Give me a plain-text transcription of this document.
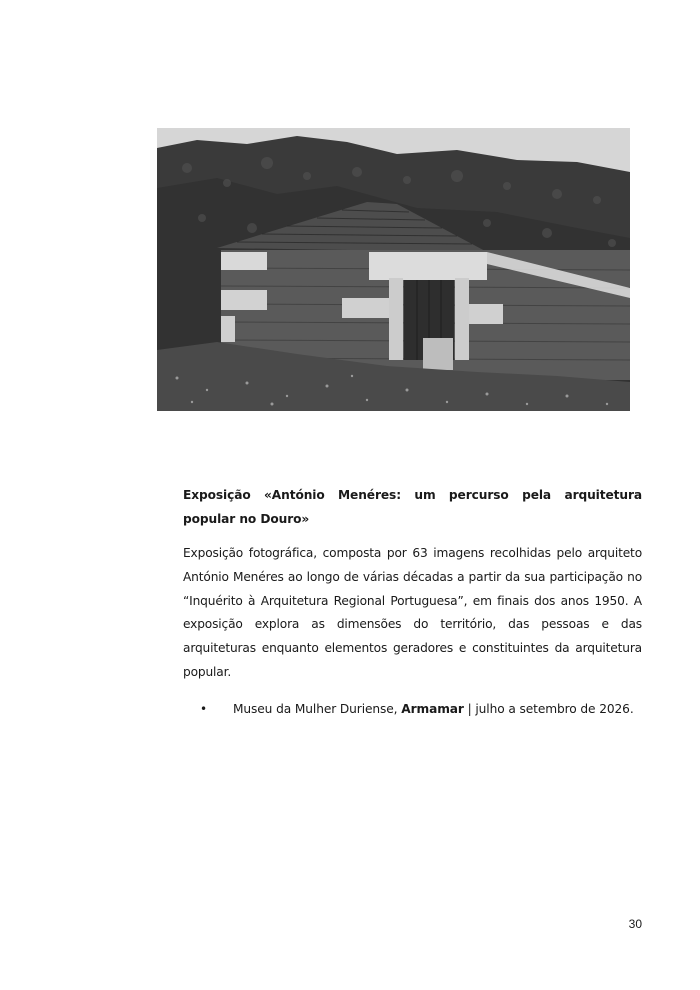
Exposição «António Menéres: um percurso pela arquitetura popular no Douro»

Exposição fotográfica, composta por 63 imagens recolhidas pelo arquiteto António Menéres ao longo de várias décadas a partir da sua participação no “Inquérito à Arquitetura Regional Portuguesa”, em finais dos anos 1950. A exposição explora as dimensões do território, das pessoas e das arquiteturas enquanto elementos geradores e constituintes da arquitetura popular.

• Museu da Mulher Duriense, Armamar | julho a setembro de 2026.
30
